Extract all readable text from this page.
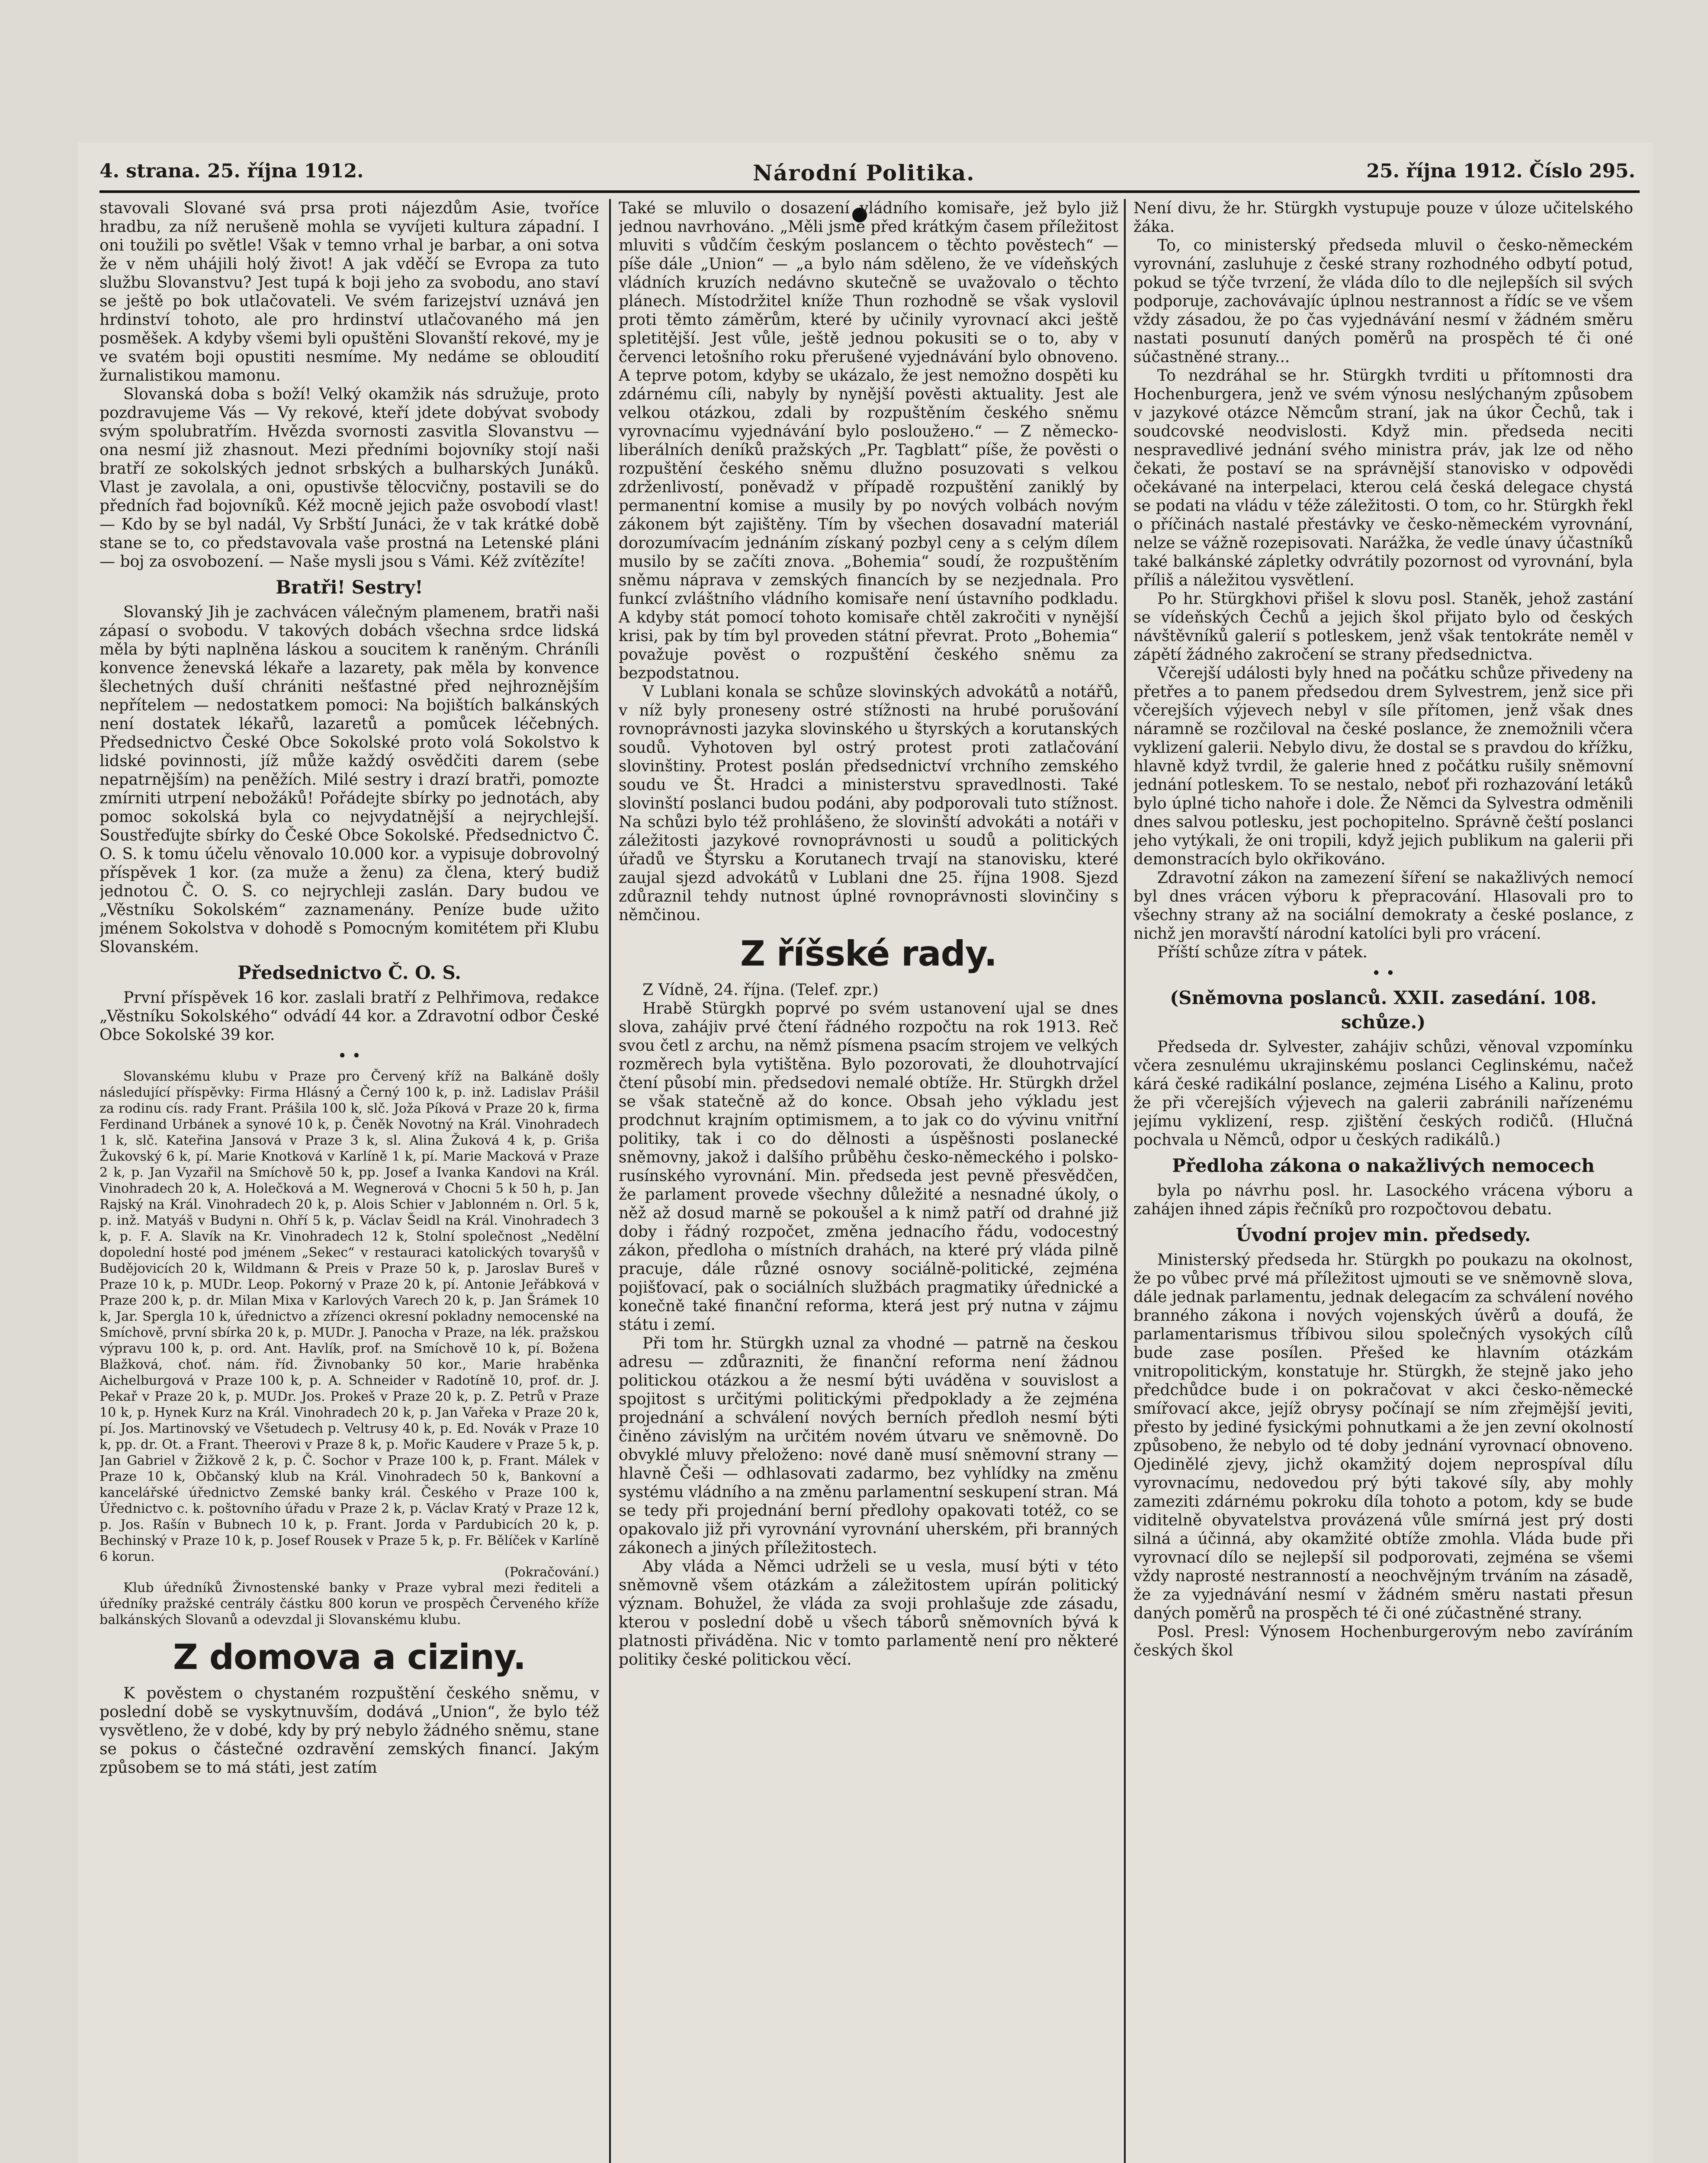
4. strana. 25. října 1912.	Národní Politika.	25. října 1912. Číslo 295.

stavovali Slované svá prsa proti nájezdům Asie, tvoříce hradbu, za níž nerušeně mohla se vyvíjeti kultura západní. I oni toužili po světle! Však v temno vrhal je barbar, a oni sotva že v něm uhájili holý život! A jak vděčí se Evropa za tuto službu Slovanstvu? Jest tupá k boji jeho za svobodu, ano staví se ještě po bok utlačovateli. Ve svém farizejství uznává jen hrdinství tohoto, ale pro hrdinství utlačovaného má jen posměšek. A kdyby všemi byli opuštěni Slovanští rekové, my je ve svatém boji opustiti nesmíme. My nedáme se obloudití žurnalistikou mamonu.

Slovanská doba s boží! Velký okamžik nás sdružuje, proto pozdravujeme Vás — Vy rekové, kteří jdete dobývat svobody svým spolubratřím. Hvězda svornosti zasvitla Slovanstvu — ona nesmí již zhasnout. Mezi předními bojovníky stojí naši bratří ze sokolských jednot srbských a bulharských Junáků. Vlast je zavolala, a oni, opustivše tělocvičny, postavili se do předních řad bojovníků. Kéž mocně jejich paže osvobodí vlast! — Kdo by se byl nadál, Vy Srbští Junáci, že v tak krátké době stane se to, co představovala vaše prostná na Letenské pláni — boj za osvobození. — Naše mysli jsou s Vámi. Kéž zvítězíte!

Bratři! Sestry!

Slovanský Jih je zachvácen válečným plamenem, bratři naši zápasí o svobodu. V takových dobách všechna srdce lidská měla by býti naplněna láskou a soucitem k raněným. Chráníli konvence ženevská lékaře a lazarety, pak měla by konvence šlechetných duší chrániti nešťastné před nejhroznějším nepřítelem — nedostatkem pomoci: Na bojištích balkánských není dostatek lékařů, lazaretů a pomůcek léčebných. Předsednictvo České Obce Sokolské proto volá Sokolstvo k lidské povinnosti, jíž může každý osvědčiti darem (sebe nepatrnějším) na peněžích. Milé sestry i drazí bratři, pomozte zmírniti utrpení nebožáků! Pořádejte sbírky po jednotách, aby pomoc sokolská byla co nejvydatnější a nejrychlejší. Soustřeďujte sbírky do České Obce Sokolské. Předsednictvo Č. O. S. k tomu účelu věnovalo 10.000 kor. a vypisuje dobrovolný příspěvek 1 kor. (za muže a ženu) za člena, který budiž jednotou Č. O. S. co nejrychleji zaslán. Dary budou ve „Věstníku Sokolském“ zaznamenány. Peníze bude užito jménem Sokolstva v dohodě s Pomocným komitétem při Klubu Slovanském.

Předsednictvo Č. O. S.

První příspěvek 16 kor. zaslali bratří z Pelhřimova, redakce „Věstníku Sokolského“ odvádí 44 kor. a Zdravotní odbor České Obce Sokolské 39 kor.

• •

Slovanskému klubu v Praze pro Červený kříž na Balkáně došly následující příspěvky: Firma Hlásný a Černý 100 k, p. inž. Ladislav Prášil za rodinu cís. rady Frant. Prášila 100 k, slč. Joža Píková v Praze 20 k, firma Ferdinand Urbánek a synové 10 k, p. Čeněk Novotný na Král. Vinohradech 1 k, slč. Kateřina Jansová v Praze 3 k, sl. Alina Žuková 4 k, p. Griša Žukovský 6 k, pí. Marie Knotková v Karlíně 1 k, pí. Marie Macková v Praze 2 k, p. Jan Vyzařil na Smíchově 50 k, pp. Josef a Ivanka Kandovi na Král. Vinohradech 20 k, A. Holečková a M. Wegnerová v Chocni 5 k 50 h, p. Jan Rajský na Král. Vinohradech 20 k, p. Alois Schier v Jablonném n. Orl. 5 k, p. inž. Matyáš v Budyni n. Ohří 5 k, p. Václav Šeidl na Král. Vinohradech 3 k, p. F. A. Slavík na Kr. Vinohradech 12 k, Stolní společnost „Nedělní dopolední hosté pod jménem „Sekec“ v restauraci katolických tovaryšů v Budějovicích 20 k, Wildmann & Preis v Praze 50 k, p. Jaroslav Bureš v Praze 10 k, p. MUDr. Leop. Pokorný v Praze 20 k, pí. Antonie Jeřábková v Praze 200 k, p. dr. Milan Mixa v Karlových Varech 20 k, p. Jan Šrámek 10 k, Jar. Spergla 10 k, úřednictvo a zřízenci okresní pokladny nemocenské na Smíchově, první sbírka 20 k, p. MUDr. J. Panocha v Praze, na lék. pražskou výpravu 100 k, p. ord. Ant. Havlík, prof. na Smíchově 10 k, pí. Božena Blažková, choť. nám. říd. Živnobanky 50 kor., Marie hraběnka Aichelburgová v Praze 100 k, p. A. Schneider v Radotíně 10, prof. dr. J. Pekař v Praze 20 k, p. MUDr. Jos. Prokeš v Praze 20 k, p. Z. Petrů v Praze 10 k, p. Hynek Kurz na Král. Vinohradech 20 k, p. Jan Vařeka v Praze 20 k, pí. Jos. Martinovský ve Všetudech p. Veltrusy 40 k, p. Ed. Novák v Praze 10 k, pp. dr. Ot. a Frant. Theerovi v Praze 8 k, p. Mořic Kaudere v Praze 5 k, p. Jan Gabriel v Žižkově 2 k, p. Č. Sochor v Praze 100 k, p. Frant. Málek v Praze 10 k, Občanský klub na Král. Vinohradech 50 k, Bankovní a kancelářské úřednictvo Zemské banky král. Českého v Praze 100 k, Úřednictvo c. k. poštovního úřadu v Praze 2 k, p. Václav Kratý v Praze 12 k, p. Jos. Rašín v Bubnech 10 k, p. Frant. Jorda v Pardubicích 20 k, p. Bechinský v Praze 10 k, p. Josef Rousek v Praze 5 k, p. Fr. Bělíček v Karlíně 6 korun.

(Pokračování.)

Klub úředníků Živnostenské banky v Praze vybral mezi řediteli a úředníky pražské centrály částku 800 korun ve prospěch Červeného kříže balkánských Slovanů a odevzdal ji Slovanskému klubu.

Z domova a ciziny.

K pověstem o chystaném rozpuštění českého sněmu, v poslední době se vyskytnuvším, dodává „Union“, že bylo též vysvětleno, že v dobé, kdy by prý nebylo žádného sněmu, stane se pokus o částečné ozdravění zemských financí. Jakým způsobem se to má státi, jest zatím

Také se mluvilo o dosazení vládního komisaře, jež bylo již jednou navrhováno. „Měli jsme před krátkým časem příležitost mluviti s vůdčím českým poslancem o těchto pověstech“ — píše dále „Union“ — „a bylo nám sděleno, že ve vídeňských vládních kruzích nedávno skutečně se uvažovalo o těchto plánech. Místodržitel knížе Thun rozhodně se však vyslovil proti těmto záměrům, které by učinily vyrovnací akci ještě spletitější. Jest vůle, ještě jednou pokusiti se o to, aby v červenci letošního roku přerušené vyjednávání bylo obnoveno. A teprve potom, kdyby se ukázalo, že jest nemožno dospěti ku zdárnému cíli, nabyly by nynější pověsti aktuality. Jest ale velkou otázkou, zdali by rozpuštěním českého sněmu vyrovnacímu vyjednávání bylo posloužено.“ — Z německo-liberálních deníků pražských „Pr. Tagblatt“ píše, že pověsti o rozpuštění českého sněmu dlužno posuzovati s velkou zdrženlivostí, poněvadž v případě rozpuštění zaniklý by permanentní komise a musily by po nových volbách novým zákonem být zajištěny. Tím by všechen dosavadní materiál dorozumívacím jednáním získaný pozbyl ceny a s celým dílem musilo by se začíti znova. „Bohemia“ soudí, že rozpuštěním sněmu náprava v zemských financích by se nezjednala. Pro funkcí zvláštního vládního komisaře není ústavního podkladu. A kdyby stát pomocí tohoto komisaře chtěl zakročiti v nynější krisi, pak by tím byl proveden státní převrat. Proto „Bohemia“ považuje pověst o rozpuštění českého sněmu za bezpodstatnou.

V Lublani konala se schůze slovinských advokátů a notářů, v níž byly proneseny ostré stížnosti na hrubé porušování rovnoprávnosti jazyka slovinského u štyrských a korutanských soudů. Vyhotoven byl ostrý protest proti zatlačování slovinštiny. Protest poslán předsednictví vrchního zemského soudu ve Št. Hradci a ministerstvu spravedlnosti. Také slovinští poslanci budou podáni, aby podporovali tuto stížnost. Na schůzi bylo též prohlášeno, že slovinští advokáti a notáři v záležitosti jazykové rovnoprávnosti u soudů a politických úřadů ve Štyrsku a Korutanech trvají na stanovisku, které zaujal sjezd advokátů v Lublani dne 25. října 1908. Sjezd zdůraznil tehdy nutnost úplné rovnoprávnosti slovinčiny s němčinou.

Z říšské rady.

Z Vídně, 24. října. (Telef. zpr.)

Hrabě Stürgkh poprvé po svém ustanovení ujal se dnes slova, zahájiv prvé čtení řádného rozpočtu na rok 1913. Reč svou četl z archu, na němž písmena psacím strojem ve velkých rozměrech byla vytištěna. Bylo pozorovati, že dlouhotrvající čtení působí min. předsedovi nemalé obtíže. Hr. Stürgkh držel se však statečně až do konce. Obsah jeho výkladu jest prodchnut krajním optimismem, a to jak co do vývinu vnitřní politiky, tak i co do dělnosti a úspěšnosti poslanecké sněmovny, jakož i dalšího průběhu česko-německého i polsko-rusínského vyrovnání. Min. předseda jest pevně přesvědčen, že parlament provede všechny důležité a nesnadné úkoly, o něž až dosud marně se pokoušel a k nimž patří od drahné již doby i řádný rozpočet, změna jednacího řádu, vodocestný zákon, předloha o místních drahách, na které prý vláda pilně pracuje, dále různé osnovy sociálně-politické, zejména pojišťovací, pak o sociálních službách pragmatiky úřednické a konečně také finanční reforma, která jest prý nutna v zájmu státu i zemí.

Při tom hr. Stürgkh uznal za vhodné — patrně na českou adresu — zdůrazniti, že finanční reforma není žádnou politickou otázkou a že nesmí býti uváděna v souvislost a spojitost s určitými politickými předpoklady a že zejména projednání a schválení nových berních předloh nesmí býti činěno závislým na určitém novém útvaru ve sněmovně. Do obvyklé mluvy přeloženo: nové daně musí sněmovní strany — hlavně Češi — odhlasovati zadarmo, bez vyhlídky na změnu systému vládního a na změnu parlamentní seskupení stran. Má se tedy při projednání berní předlohy opakovati totéž, co se opakovalo již při vyrovnání vyrovnání uherském, při branných zákonech a jiných příležitostech.

Aby vláda a Němci udrželi se u vesla, musí býti v této sněmovně všem otázkám a záležitostem upírán politický význam. Bohužel, že vláda za svoji prohlašuje zde zásadu, kterou v poslední době u všech táborů sněmovních bývá k platnosti přiváděna. Nic v tomto parlamentě není pro některé politiky české politickou věcí.

Není divu, že hr. Stürgkh vystupuje pouze v úloze učitelského žáka.

To, co ministerský předseda mluvil o česko-německém vyrovnání, zasluhuje z české strany rozhodného odbytí potud, pokud se týče tvrzení, že vláda dílo to dle nejlepších sil svých podporuje, zachovávajíc úplnou nestrannost a řídíc se ve všem vždy zásadou, že po čas vyjednávání nesmí v žádném směru nastati posunutí daných poměrů na prospěch té či oné súčastněné strany...

To nezdráhal se hr. Stürgkh tvrditi u přítomnosti dra Hochenburgera, jenž ve svém výnosu neslýchaným způsobem v jazykové otázce Němcům straní, jak na úkor Čechů, tak i soudcovské neodvislosti. Když min. předseda neciti nespravedlivé jednání svého ministra práv, jak lze od něho čekati, že postaví se na správnější stanovisko v odpovědi očekávané na interpelaci, kterou celá česká delegace chystá se podati na vládu v téže záležitosti. O tom, co hr. Stürgkh řekl o příčinách nastalé přestávky ve česko-německém vyrovnání, nelze se vážně rozepisovati. Narážka, že vedle únavy účastníků také balkánské zápletky odvrátily pozornost od vyrovnání, byla příliš a náležitou vysvětlení.

Po hr. Stürgkhovi přišel k slovu posl. Staněk, jehož zastání se vídeňských Čechů a jejich škol přijato bylo od českých návštěvníků galerií s potleskem, jenž však tentokráte neměl v zápětí žádného zakročení se strany předsednictva.

Včerejší události byly hned na počátku schůze přivedeny na přetřes a to panem předsedou drem Sylvestrem, jenž sice při včerejších výjevech nebyl v síle přítomen, jenž však dnes náramně se rozčiloval na české poslance, že znemožnili včera vyklizení galerii. Nebylo divu, že dostal se s pravdou do křížku, hlavně když tvrdil, že galerie hned z počátku rušily sněmovní jednání potleskem. To se nestalo, neboť při rozhazování letáků bylo úplné ticho nahoře i dole. Že Němci da Sylvestra odměnili dnes salvou potlesku, jest pochopitelno. Správně čeští poslanci jeho vytýkali, že oni tropili, když jejich publikum na galerii při demonstracích bylo okřikováno.

Zdravotní zákon na zamezení šíření se nakažlivých nemocí byl dnes vrácen výboru k přepracování. Hlasovali pro to všechny strany až na sociální demokraty a české poslance, z nichž jen moravští národní katolíci byli pro vrácení.

Příští schůze zítra v pátek.

• •
(Sněmovna poslanců. XXII. zasedání. 108. schůze.)

Předseda dr. Sylvester, zahájiv schůzi, věnoval vzpomínku včera zesnulému ukrajinskému poslanci Ceglinskému, načež kárá české radikální poslance, zejména Lisého a Kalinu, proto že při včerejších výjevech na galerii zabránili nařízenému jejímu vyklizení, resp. zjištění českých rodičů. (Hlučná pochvala u Němců, odpor u českých radikálů.)

Předloha zákona o nakažlivých nemocech

byla po návrhu posl. hr. Lasockého vrácena výboru a zahájen ihned zápis řečníků pro rozpočtovou debatu.

Úvodní projev min. předsedy.

Ministerský předseda hr. Stürgkh po poukazu na okolnost, že po vůbec prvé má příležitost ujmouti se ve sněmovně slova, dále jednak parlamentu, jednak delegacím za schválení nového branného zákona i nových vojenských úvěrů a doufá, že parlamentarismus tříbivou silou společných vysokých cílů bude zase posílen. Přešed ke hlavním otázkám vnitropolitickým, konstatuje hr. Stürgkh, že stejně jako jeho předchůdce bude i on pokračovat v akci česko-německé smířovací akce, jejíž obrysy počínají se ním zřejmější jeviti, přesto by jediné fysickými pohnutkami a že jen zevní okolností způsobeno, že nebylo od té doby jednání vyrovnací obnoveno. Ojedinělé zjevy, jichž okamžitý dojem neprospíval dílu vyrovnacímu, nedovedou prý býti takové síly, aby mohly zameziti zdárnému pokroku díla tohoto a potom, kdy se bude viditelně obyvatelstva provázená vůle smírná jest prý dosti silná a účinná, aby okamžité obtíže zmohla. Vláda bude při vyrovnací dílo se nejlepší sil podporovati, zejména se všemi vždy naprosté nestranností a neochvějným trváním na zásadě, že za vyjednávání nesmí v žádném směru nastati přesun daných poměrů na prospěch té či oné zúčastněné strany.

Posl. Presl: Výnosem Hochenburgerovým nebo zavíráním českých škol
